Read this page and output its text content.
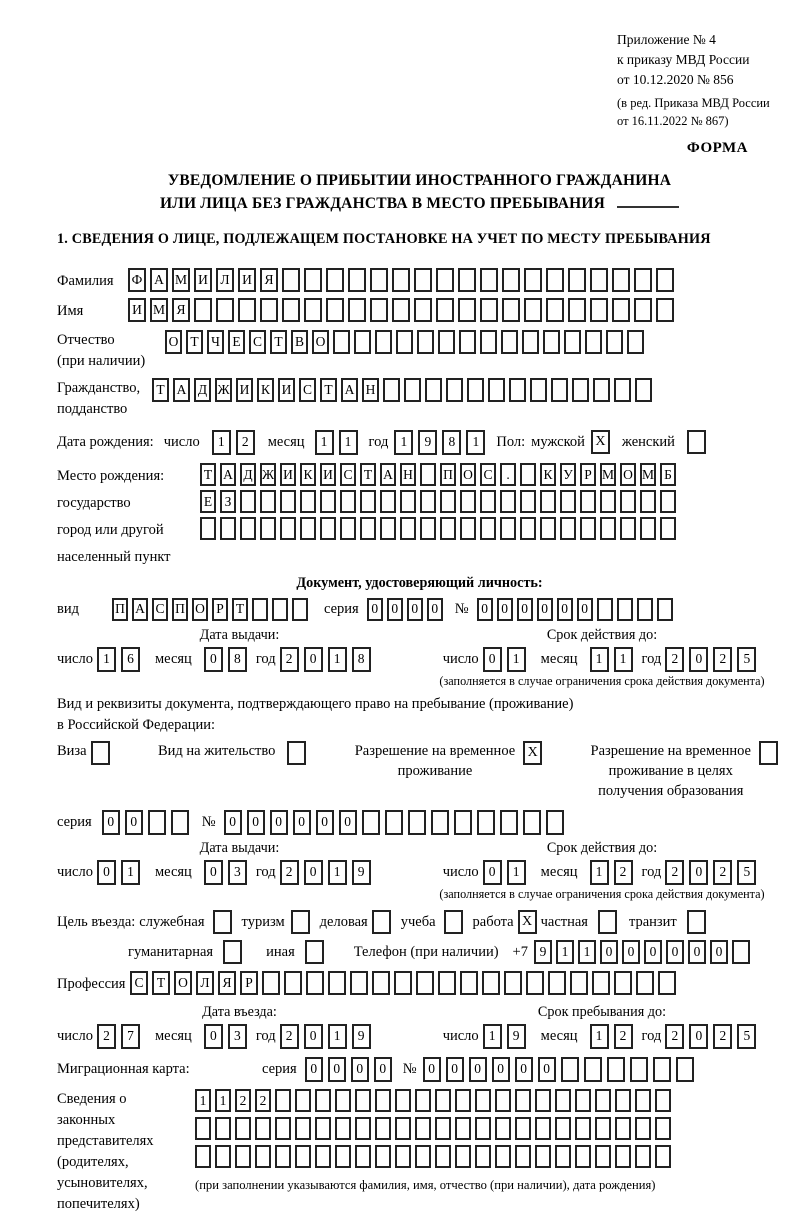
Приложение № 4
к приказу МВД России
от 10.12.2020 № 856
(в ред. Приказа МВД России
от 16.11.2022 № 867)
ФОРМА
УВЕДОМЛЕНИЕ О ПРИБЫТИИ ИНОСТРАННОГО ГРАЖДАНИНА
ИЛИ ЛИЦА БЕЗ ГРАЖДАНСТВА В МЕСТО ПРЕБЫВАНИЯ
1. СВЕДЕНИЯ О ЛИЦЕ, ПОДЛЕЖАЩЕМ ПОСТАНОВКЕ НА УЧЕТ ПО МЕСТУ ПРЕБЫВАНИЯ
Фамилия	Ф А М И Л И Я
Имя	И М Я
Отчество
(при наличии)
О Т Ч Е С Т В О
Гражданство,
подданство
Т А Д Ж И К И С Т А Н
Дата рождения: число	1	2	месяц	1	1	год 1	9	8	1	Пол: мужской X	женский
Место рождения:
государство
город или другой
населенный пункт
Т А Д Ж И К И С Т А Н П О С	.	К У Р М О М Б
Е З
Документ, удостоверяющий личность:
вид	П А С П О Р Т	серия 0 0 0 0	№ 0 0 0 0 0 0
Дата выдачи:
число 1	6	месяц	0	8	год 2	0	1	8
Срок действия до:
число 0	1	месяц	1	1	год 2	0	2	5
(заполняется в случае ограничения срока действия документа)
Вид и реквизиты документа, подтверждающего право на пребывание (проживание)
в Российской Федерации:
Виза	Вид на жительство	Разрешение на временное
проживание
X	Разрешение на временное
проживание в целях
получения образования
серия	0	0	№	0	0	0	0	0	0
Дата выдачи:
число 0	1	месяц	0	3	год 2	0	1	9
Срок действия до:
число 0	1	месяц	1	2	год 2	0	2	5
(заполняется в случае ограничения срока действия документа)
Цель въезда: служебная	туризм деловая учеба	работа X частная	транзит
гуманитарная	иная	Телефон (при наличии) +7 9	1	1	0	0	0	0	0	0
Профессия С Т О Л Я	Р
Дата въезда:
число 2	7	месяц	0	3	год 2	0	1	9
Срок пребывания до:
число 1	9	месяц	1	2	год 2	0	2	5
Миграционная карта:	серия	0	0	0	0	№ 0	0	0	0	0	0
Сведения о
законных
представителях
(родителях,
усыновителях,
попечителях)
1 1 2 2
(при заполнении указываются фамилия, имя, отчество (при наличии), дата рождения)
